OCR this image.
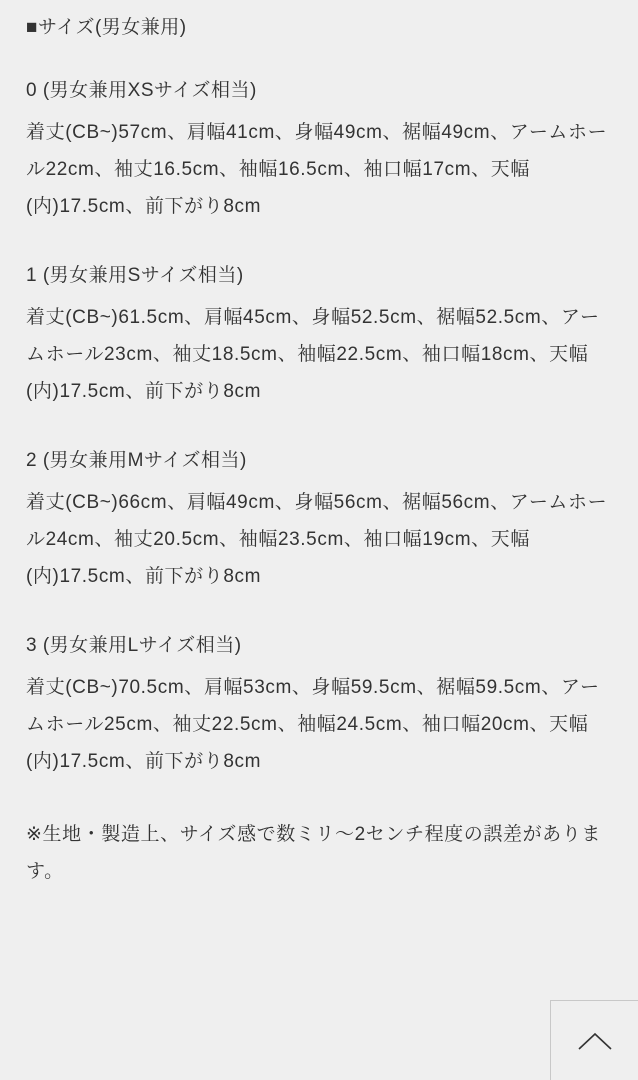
■サイズ(男女兼用)

0 (男女兼用XSサイズ相当)

着丈(CB~)57cm、肩幅41cm、身幅49cm、裾幅49cm、アームホール22cm、袖丈16.5cm、袖幅16.5cm、袖口幅17cm、天幅(内)17.5cm、前下がり8cm

1 (男女兼用Sサイズ相当)

着丈(CB~)61.5cm、肩幅45cm、身幅52.5cm、裾幅52.5cm、アームホール23cm、袖丈18.5cm、袖幅22.5cm、袖口幅18cm、天幅(内)17.5cm、前下がり8cm

2 (男女兼用Mサイズ相当)

着丈(CB~)66cm、肩幅49cm、身幅56cm、裾幅56cm、アームホール24cm、袖丈20.5cm、袖幅23.5cm、袖口幅19cm、天幅(内)17.5cm、前下がり8cm

3 (男女兼用Lサイズ相当)

着丈(CB~)70.5cm、肩幅53cm、身幅59.5cm、裾幅59.5cm、アームホール25cm、袖丈22.5cm、袖幅24.5cm、袖口幅20cm、天幅(内)17.5cm、前下がり8cm

※生地・製造上、サイズ感で数ミリ〜2センチ程度の誤差があります。
